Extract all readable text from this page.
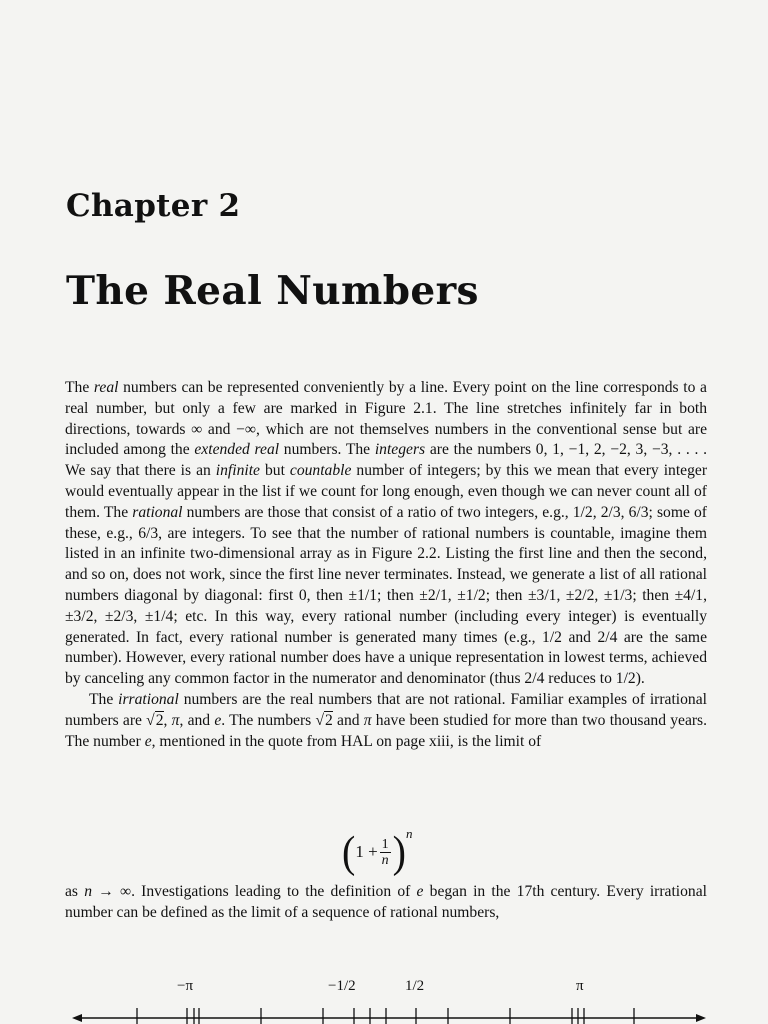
Chapter 2
The Real Numbers

The real numbers can be represented conveniently by a line. Every point on the line corresponds to a real number, but only a few are marked in Figure 2.1. The line stretches infinitely far in both directions, towards ∞ and −∞, which are not themselves numbers in the conventional sense but are included among the extended real numbers. The integers are the numbers 0, 1, −1, 2, −2, 3, −3, . . . . We say that there is an infinite but countable number of integers; by this we mean that every integer would eventually appear in the list if we count for long enough, even though we can never count all of them. The rational numbers are those that consist of a ratio of two integers, e.g., 1/2, 2/3, 6/3; some of these, e.g., 6/3, are integers. To see that the number of rational numbers is countable, imagine them listed in an infinite two-dimensional array as in Figure 2.2. Listing the first line and then the second, and so on, does not work, since the first line never terminates. Instead, we generate a list of all rational numbers diagonal by diagonal: first 0, then ±1/1; then ±2/1, ±1/2; then ±3/1, ±2/2, ±1/3; then ±4/1, ±3/2, ±2/3, ±1/4; etc. In this way, every rational number (including every integer) is eventually generated. In fact, every rational number is generated many times (e.g., 1/2 and 2/4 are the same number). However, every rational number does have a unique representation in lowest terms, achieved by canceling any common factor in the numerator and denominator (thus 2/4 reduces to 1/2).

The irrational numbers are the real numbers that are not rational. Familiar examples of irrational numbers are √2, π, and e. The numbers √2 and π have been studied for more than two thousand years. The number e, mentioned in the quote from HAL on page xiii, is the limit of

( $1 + \frac{1}{n}$ ) n
as n → ∞. Investigations leading to the definition of e began in the 17th century. Every irrational number can be defined as the limit of a sequence of rational numbers,
−π	−1/2	1/2	π
